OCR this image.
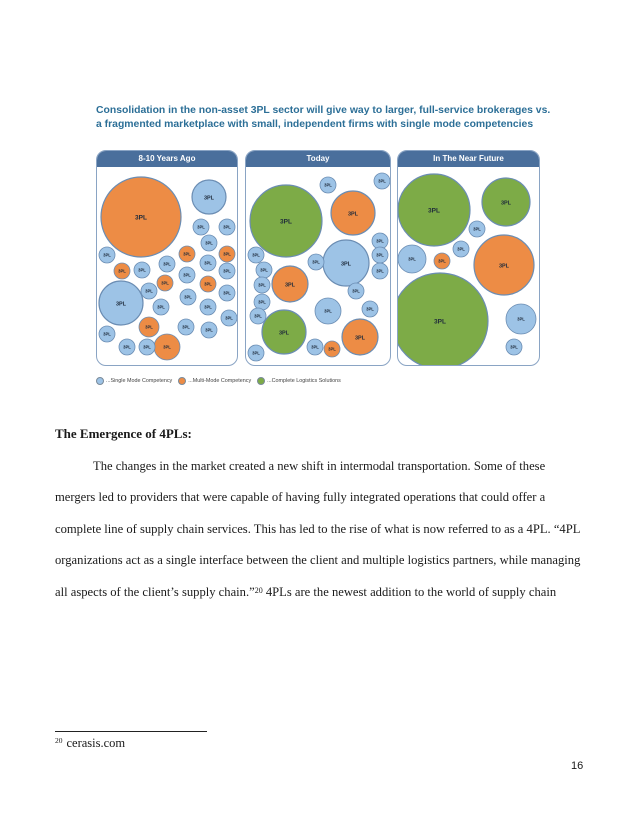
Consolidation in the non-asset 3PL sector will give way to larger, full-service brokerages vs.
a fragmented marketplace with small, independent firms with single mode competencies
8-10 Years Ago
3PL
3PL
3PL	3PL
3PL
3PL	3PL
3PL
3PL	3PL
3PL	3PL
3PL
3PL
3PL
3PL
3PL
3PL
3PL
3PL	3PL	3PL
3PL
3PL
3PL
3PL
3PL
3PL	3PL
3PL
Today
3PL
3PL
3PL
3PL
3PL
3PL
3PL
3PL
3PL
3PL
3PL
3PL
3PL
3PL
3PL
3PL	3PL
3PL
3PL
3PL
3PL 3PL
3PL
In The Near Future
3PL
3PL
3PL
3PL
3PL
3PL
3PL
3PL	3PL
3PL
...Single Mode Competency	...Multi-Mode Competency	...Complete Logistics Solutions
The Emergence of 4PLs:
The changes in the market created a new shift in intermodal transportation. Some of these
mergers led to providers that were capable of having fully integrated operations that could offer a
complete line of supply chain services. This has led to the rise of what is now referred to as a 4PL. “4PL
organizations act as a single interface between the client and multiple logistics partners, while managing
all aspects of the client’s supply chain.”$^{20}$ 4PLs are the newest addition to the world of supply chain
$^{20}$ cerasis.com
16
